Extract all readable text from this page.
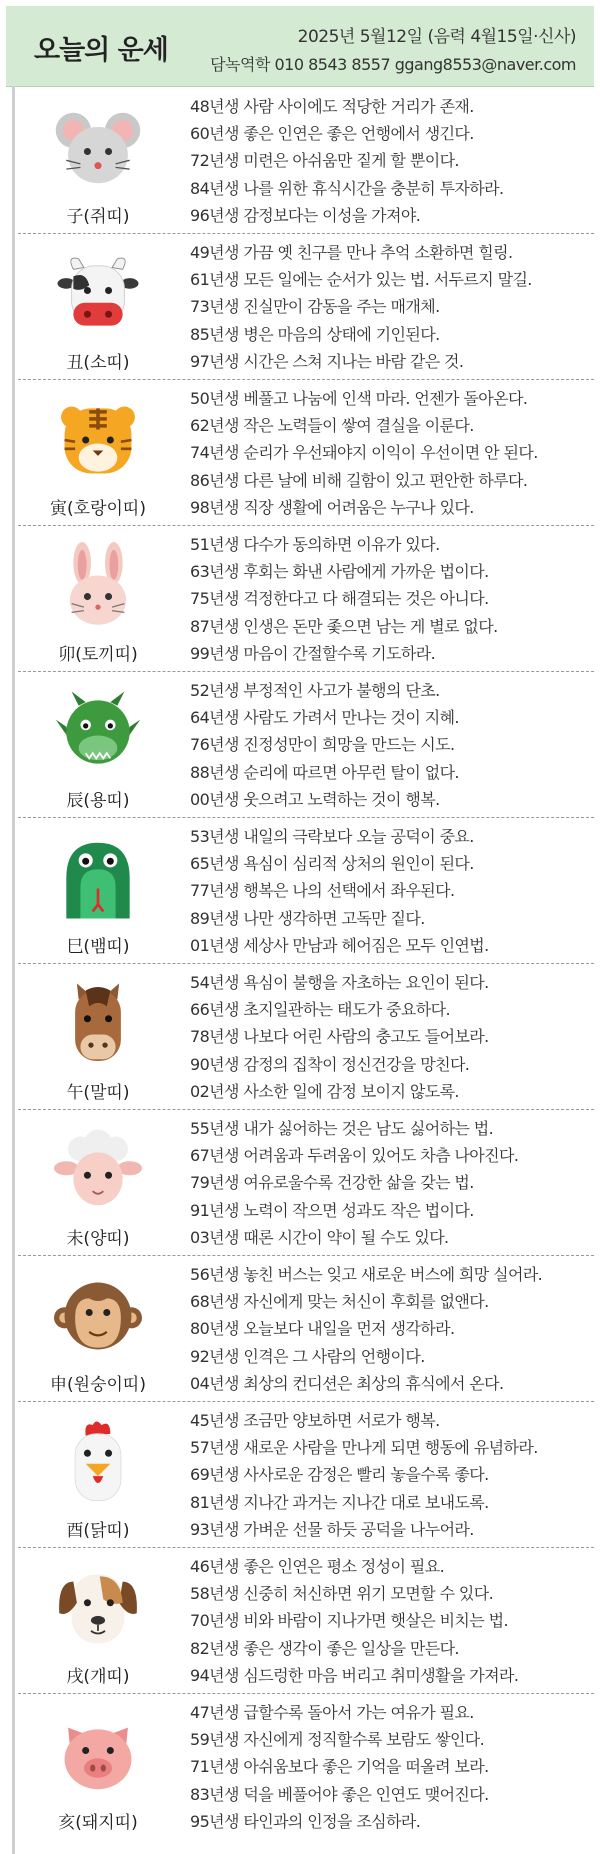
오늘의 운세	2025년 5월12일 (음력 4월15일·신사)
담녹역학 010 8543 8557 ggang8553@naver.com
子(쥐띠)
48년생 사람 사이에도 적당한 거리가 존재.
60년생 좋은 인연은 좋은 언행에서 생긴다.
72년생 미련은 아쉬움만 짙게 할 뿐이다.
84년생 나를 위한 휴식시간을 충분히 투자하라.
96년생 감정보다는 이성을 가져야.
丑(소띠)
49년생 가끔 옛 친구를 만나 추억 소환하면 힐링.
61년생 모든 일에는 순서가 있는 법. 서두르지 말길.
73년생 진실만이 감동을 주는 매개체.
85년생 병은 마음의 상태에 기인된다.
97년생 시간은 스쳐 지나는 바람 같은 것.
寅(호랑이띠)
50년생 베풀고 나눔에 인색 마라. 언젠가 돌아온다.
62년생 작은 노력들이 쌓여 결실을 이룬다.
74년생 순리가 우선돼야지 이익이 우선이면 안 된다.
86년생 다른 날에 비해 길함이 있고 편안한 하루다.
98년생 직장 생활에 어려움은 누구나 있다.
卯(토끼띠)
51년생 다수가 동의하면 이유가 있다.
63년생 후회는 화낸 사람에게 가까운 법이다.
75년생 걱정한다고 다 해결되는 것은 아니다.
87년생 인생은 돈만 좇으면 남는 게 별로 없다.
99년생 마음이 간절할수록 기도하라.
辰(용띠)
52년생 부정적인 사고가 불행의 단초.
64년생 사람도 가려서 만나는 것이 지혜.
76년생 진정성만이 희망을 만드는 시도.
88년생 순리에 따르면 아무런 탈이 없다.
00년생 웃으려고 노력하는 것이 행복.
巳(뱀띠)
53년생 내일의 극락보다 오늘 공덕이 중요.
65년생 욕심이 심리적 상처의 원인이 된다.
77년생 행복은 나의 선택에서 좌우된다.
89년생 나만 생각하면 고독만 짙다.
01년생 세상사 만남과 헤어짐은 모두 인연법.
午(말띠)
54년생 욕심이 불행을 자초하는 요인이 된다.
66년생 초지일관하는 태도가 중요하다.
78년생 나보다 어린 사람의 충고도 들어보라.
90년생 감정의 집착이 정신건강을 망친다.
02년생 사소한 일에 감정 보이지 않도록.
未(양띠)
55년생 내가 싫어하는 것은 남도 싫어하는 법.
67년생 어려움과 두려움이 있어도 차츰 나아진다.
79년생 여유로울수록 건강한 삶을 갖는 법.
91년생 노력이 작으면 성과도 작은 법이다.
03년생 때론 시간이 약이 될 수도 있다.
申(원숭이띠)
56년생 놓친 버스는 잊고 새로운 버스에 희망 실어라.
68년생 자신에게 맞는 처신이 후회를 없앤다.
80년생 오늘보다 내일을 먼저 생각하라.
92년생 인격은 그 사람의 언행이다.
04년생 최상의 컨디션은 최상의 휴식에서 온다.
酉(닭띠)
45년생 조금만 양보하면 서로가 행복.
57년생 새로운 사람을 만나게 되면 행동에 유념하라.
69년생 사사로운 감정은 빨리 놓을수록 좋다.
81년생 지나간 과거는 지나간 대로 보내도록.
93년생 가벼운 선물 하듯 공덕을 나누어라.
戌(개띠)
46년생 좋은 인연은 평소 정성이 필요.
58년생 신중히 처신하면 위기 모면할 수 있다.
70년생 비와 바람이 지나가면 햇살은 비치는 법.
82년생 좋은 생각이 좋은 일상을 만든다.
94년생 심드렁한 마음 버리고 취미생활을 가져라.
亥(돼지띠)
47년생 급할수록 돌아서 가는 여유가 필요.
59년생 자신에게 정직할수록 보람도 쌓인다.
71년생 아쉬움보다 좋은 기억을 떠올려 보라.
83년생 덕을 베풀어야 좋은 인연도 맺어진다.
95년생 타인과의 인정을 조심하라.
